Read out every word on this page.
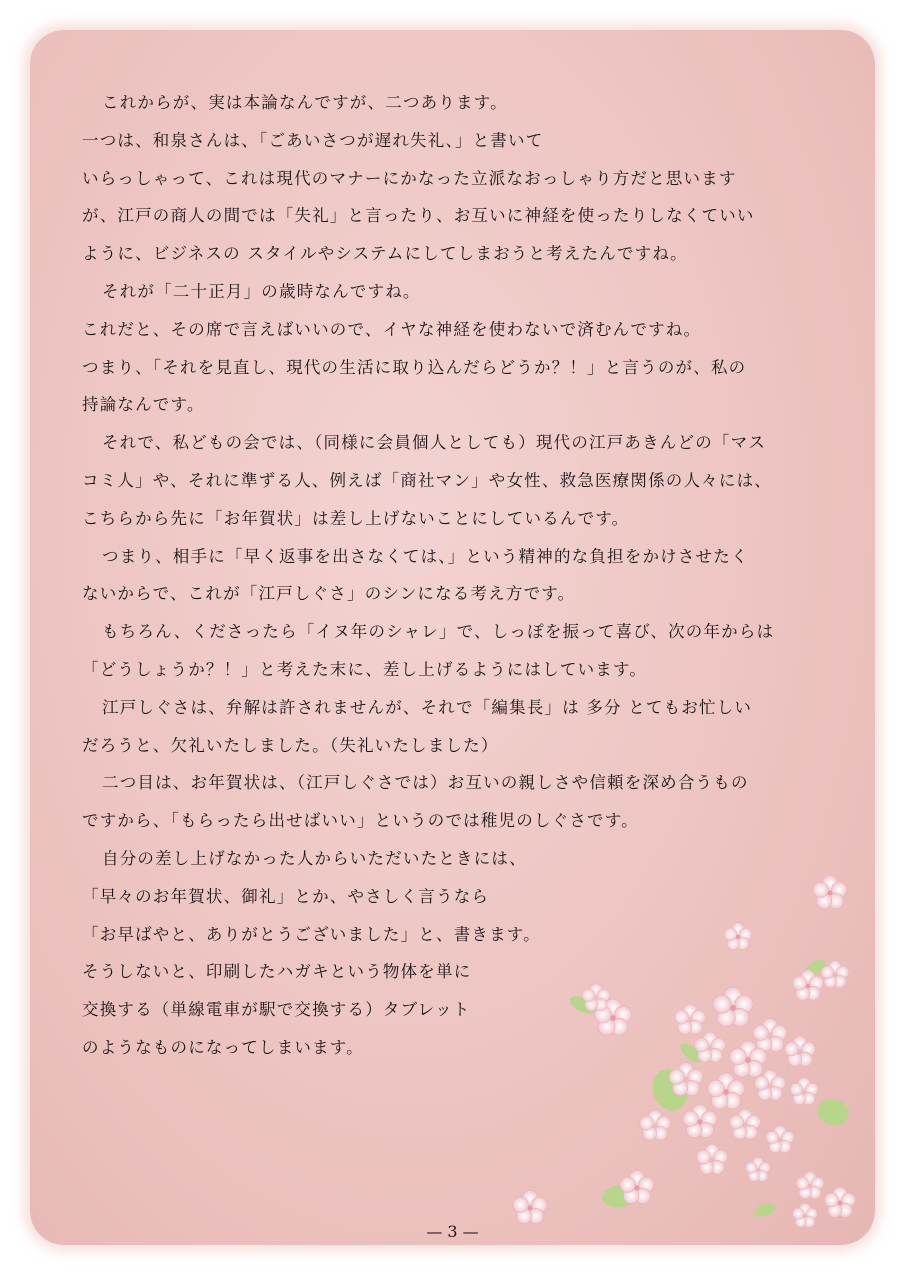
これからが、実は本論なんですが、二つあります。
一つは、和泉さんは、「ごあいさつが遅れ失礼、」と書いて
いらっしゃって、これは現代のマナーにかなった立派なおっしゃり方だと思います
が、江戸の商人の間では「失礼」と言ったり、お互いに神経を使ったりしなくていい
ように、ビジネスの スタイルやシステムにしてしまおうと考えたんですね。
それが「二十正月」の歳時なんですね。
これだと、その席で言えばいいので、イヤな神経を使わないで済むんですね。
つまり、「それを見直し、現代の生活に取り込んだらどうか？！」と言うのが、私の
持論なんです。
それで、私どもの会では、（同様に会員個人としても）現代の江戸あきんどの「マス
コミ人」や、それに準ずる人、例えば「商社マン」や女性、救急医療関係の人々には、
こちらから先に「お年賀状」は差し上げないことにしているんです。
つまり、相手に「早く返事を出さなくては、」という精神的な負担をかけさせたく
ないからで、これが「江戸しぐさ」のシンになる考え方です。
もちろん、くださったら「イヌ年のシャレ」で、しっぽを振って喜び、次の年からは
「どうしょうか？！」と考えた末に、差し上げるようにはしています。
江戸しぐさは、弁解は許されませんが、それで「編集長」は 多分 とてもお忙しい
だろうと、欠礼いたしました。（失礼いたしました）
二つ目は、お年賀状は、（江戸しぐさでは）お互いの親しさや信頼を深め合うもの
ですから、「もらったら出せばいい」というのでは稚児のしぐさです。
自分の差し上げなかった人からいただいたときには、
「早々のお年賀状、御礼」とか、やさしく言うなら
「お早ばやと、ありがとうございました」と、書きます。
そうしないと、印刷したハガキという物体を単に
交換する（単線電車が駅で交換する）タブレット
のようなものになってしまいます。
— 3 —
